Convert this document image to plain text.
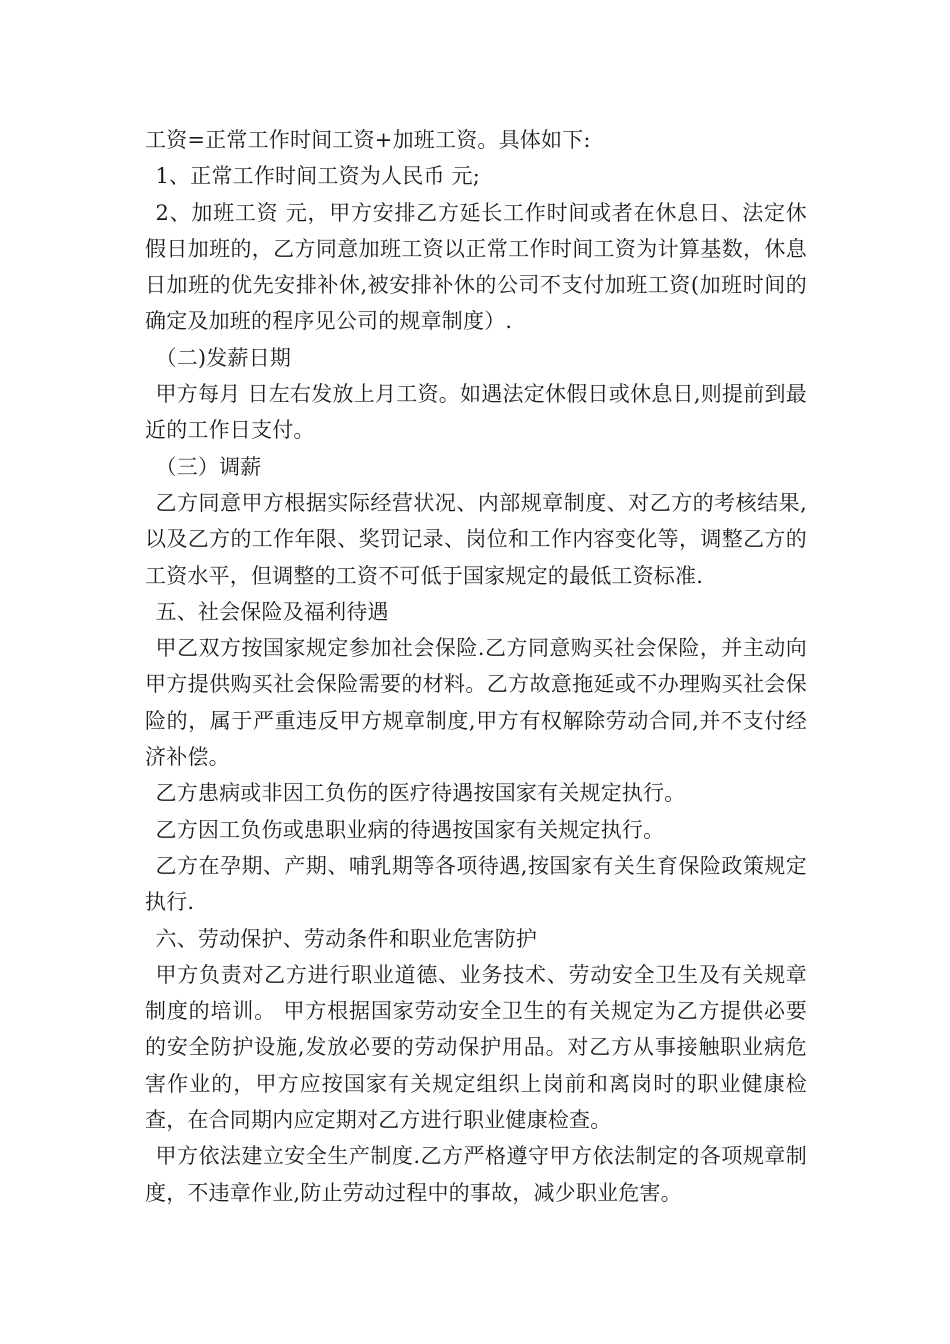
工资=正常工作时间工资+加班工资。具体如下:

1、正常工作时间工资为人民币 元;

2、加班工资 元，甲方安排乙方延长工作时间或者在休息日、法定休假日加班的，乙方同意加班工资以正常工作时间工资为计算基数，休息日加班的优先安排补休,被安排补休的公司不支付加班工资(加班时间的确定及加班的程序见公司的规章制度）.

（二)发薪日期

甲方每月 日左右发放上月工资。如遇法定休假日或休息日,则提前到最近的工作日支付。

（三）调薪

乙方同意甲方根据实际经营状况、内部规章制度、对乙方的考核结果,以及乙方的工作年限、奖罚记录、岗位和工作内容变化等，调整乙方的工资水平，但调整的工资不可低于国家规定的最低工资标准.

五、社会保险及福利待遇

甲乙双方按国家规定参加社会保险.乙方同意购买社会保险，并主动向甲方提供购买社会保险需要的材料。乙方故意拖延或不办理购买社会保险的，属于严重违反甲方规章制度,甲方有权解除劳动合同,并不支付经济补偿。

乙方患病或非因工负伤的医疗待遇按国家有关规定执行。

乙方因工负伤或患职业病的待遇按国家有关规定执行。

乙方在孕期、产期、哺乳期等各项待遇,按国家有关生育保险政策规定执行.

六、劳动保护、劳动条件和职业危害防护

甲方负责对乙方进行职业道德、业务技术、劳动安全卫生及有关规章制度的培训。 甲方根据国家劳动安全卫生的有关规定为乙方提供必要的安全防护设施,发放必要的劳动保护用品。对乙方从事接触职业病危害作业的，甲方应按国家有关规定组织上岗前和离岗时的职业健康检查，在合同期内应定期对乙方进行职业健康检查。

甲方依法建立安全生产制度.乙方严格遵守甲方依法制定的各项规章制度，不违章作业,防止劳动过程中的事故，减少职业危害。
